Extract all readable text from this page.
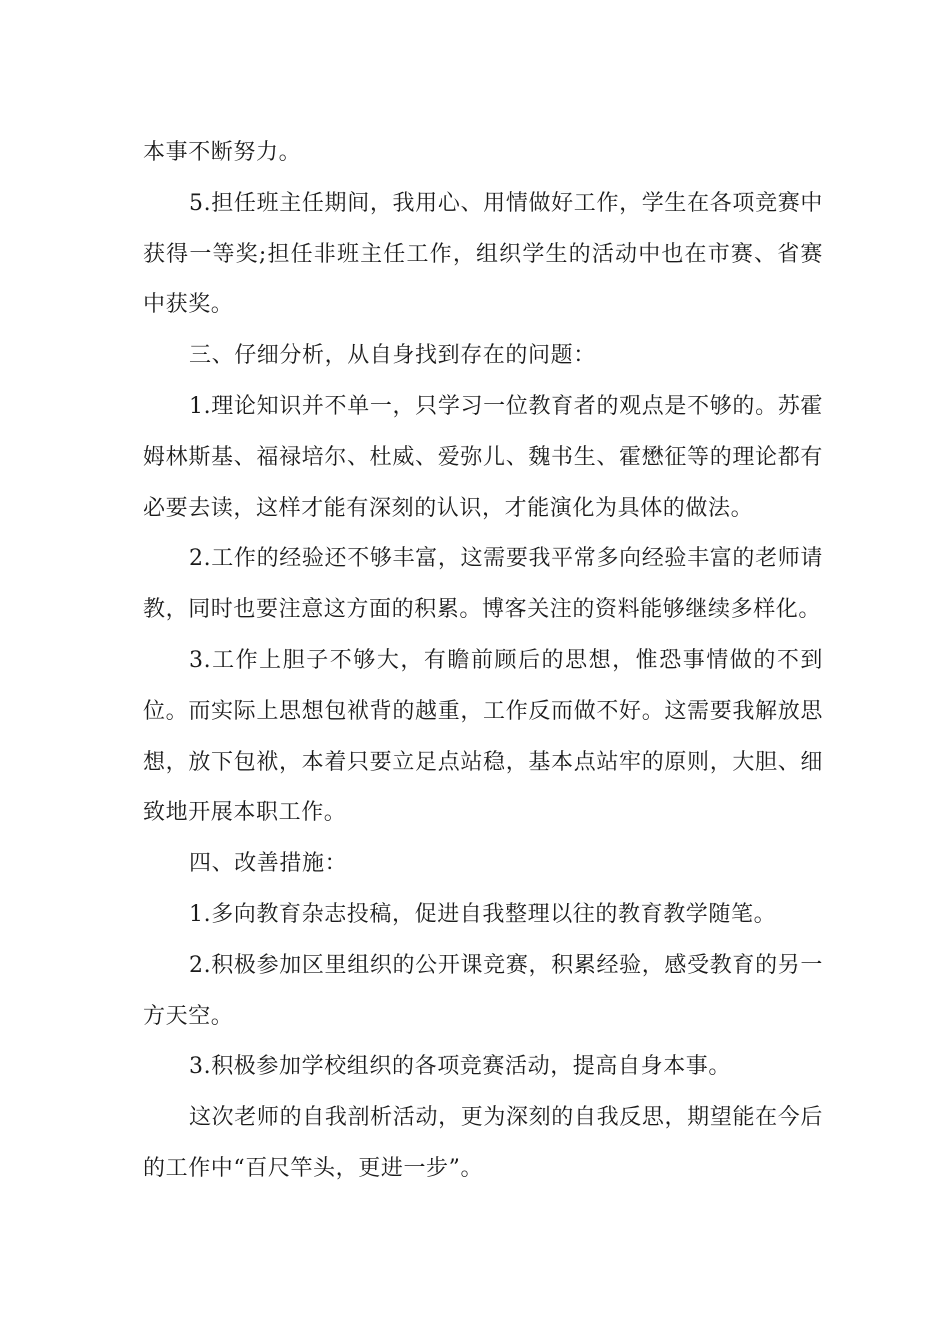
本事不断努力。

5.担任班主任期间，我用心、用情做好工作，学生在各项竞赛中获得一等奖;担任非班主任工作，组织学生的活动中也在市赛、省赛中获奖。

三、仔细分析，从自身找到存在的问题：

1.理论知识并不单一，只学习一位教育者的观点是不够的。苏霍姆林斯基、福禄培尔、杜威、爱弥儿、魏书生、霍懋征等的理论都有必要去读，这样才能有深刻的认识，才能演化为具体的做法。

2.工作的经验还不够丰富，这需要我平常多向经验丰富的老师请教，同时也要注意这方面的积累。博客关注的资料能够继续多样化。

3.工作上胆子不够大，有瞻前顾后的思想，惟恐事情做的不到位。而实际上思想包袱背的越重，工作反而做不好。这需要我解放思想，放下包袱，本着只要立足点站稳，基本点站牢的原则，大胆、细致地开展本职工作。

四、改善措施：

1.多向教育杂志投稿，促进自我整理以往的教育教学随笔。

2.积极参加区里组织的公开课竞赛，积累经验，感受教育的另一方天空。

3.积极参加学校组织的各项竞赛活动，提高自身本事。

这次老师的自我剖析活动，更为深刻的自我反思，期望能在今后的工作中“百尺竿头，更进一步”。
